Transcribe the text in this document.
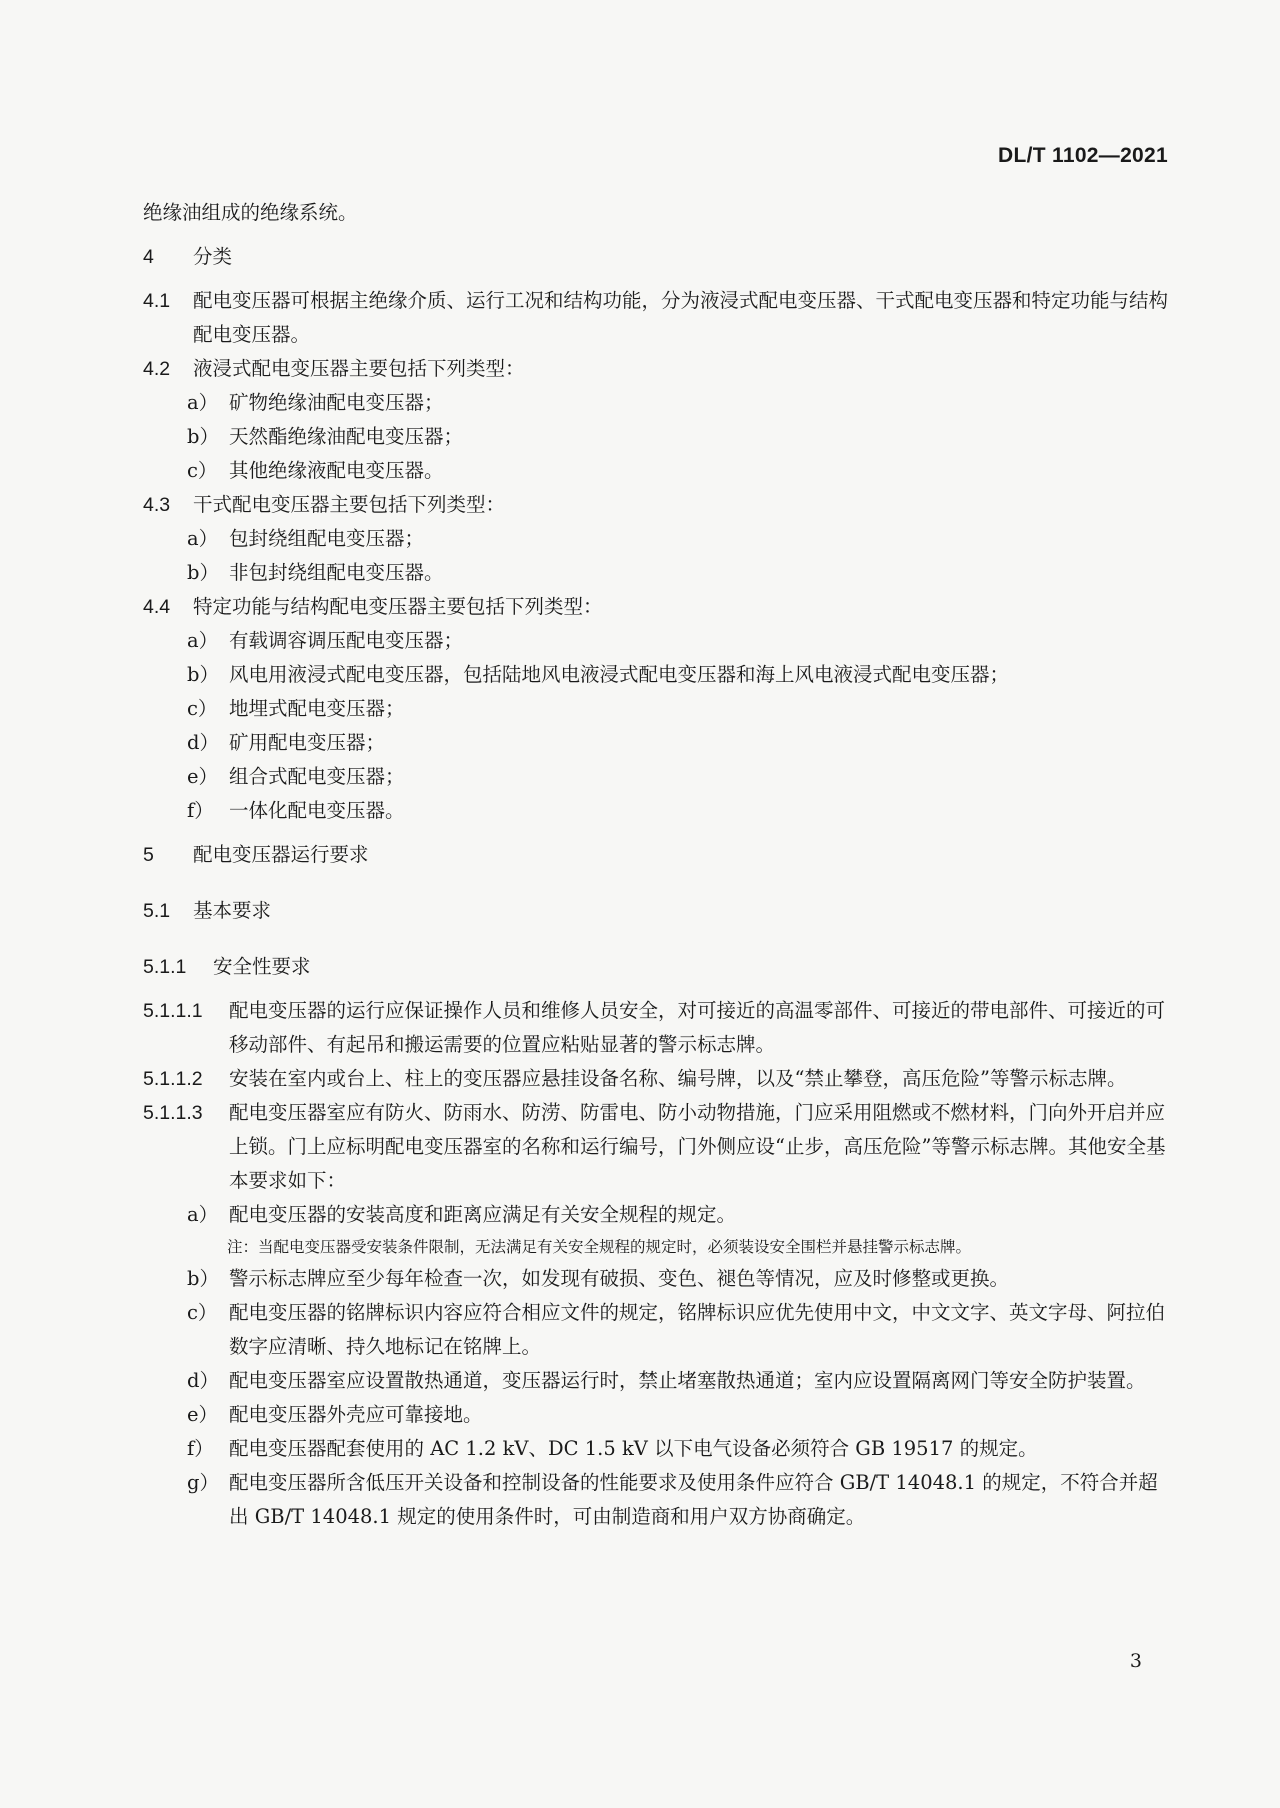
DL/T 1102—2021
绝缘油组成的绝缘系统。
4 分类
4.1	配电变压器可根据主绝缘介质、运行工况和结构功能，分为液浸式配电变压器、干式配电变压器和特定功能与结构配电变压器。
4.2 液浸式配电变压器主要包括下列类型：
a） 矿物绝缘油配电变压器；
b） 天然酯绝缘油配电变压器；
c） 其他绝缘液配电变压器。
4.3 干式配电变压器主要包括下列类型：
a） 包封绕组配电变压器；
b） 非包封绕组配电变压器。
4.4 特定功能与结构配电变压器主要包括下列类型：
a） 有载调容调压配电变压器；
b） 风电用液浸式配电变压器，包括陆地风电液浸式配电变压器和海上风电液浸式配电变压器；
c） 地埋式配电变压器；
d） 矿用配电变压器；
e） 组合式配电变压器；
f） 一体化配电变压器。
5 配电变压器运行要求
5.1 基本要求
5.1.1 安全性要求
5.1.1.1	配电变压器的运行应保证操作人员和维修人员安全，对可接近的高温零部件、可接近的带电部件、可接近的可移动部件、有起吊和搬运需要的位置应粘贴显著的警示标志牌。
5.1.1.2	安装在室内或台上、柱上的变压器应悬挂设备名称、编号牌，以及“禁止攀登，高压危险”等警示标志牌。
5.1.1.3	配电变压器室应有防火、防雨水、防涝、防雷电、防小动物措施，门应采用阻燃或不燃材料，门向外开启并应上锁。门上应标明配电变压器室的名称和运行编号，门外侧应设“止步，高压危险”等警示标志牌。其他安全基本要求如下：
a） 配电变压器的安装高度和距离应满足有关安全规程的规定。
注：当配电变压器受安装条件限制，无法满足有关安全规程的规定时，必须装设安全围栏并悬挂警示标志牌。
b） 警示标志牌应至少每年检查一次，如发现有破损、变色、褪色等情况，应及时修整或更换。
c） 配电变压器的铭牌标识内容应符合相应文件的规定，铭牌标识应优先使用中文，中文文字、英文字母、阿拉伯数字应清晰、持久地标记在铭牌上。
d） 配电变压器室应设置散热通道，变压器运行时，禁止堵塞散热通道；室内应设置隔离网门等安全防护装置。
e） 配电变压器外壳应可靠接地。
f） 配电变压器配套使用的 AC 1.2 kV、DC 1.5 kV 以下电气设备必须符合 GB 19517 的规定。
g） 配电变压器所含低压开关设备和控制设备的性能要求及使用条件应符合 GB/T 14048.1 的规定，不符合并超出 GB/T 14048.1 规定的使用条件时，可由制造商和用户双方协商确定。
3
